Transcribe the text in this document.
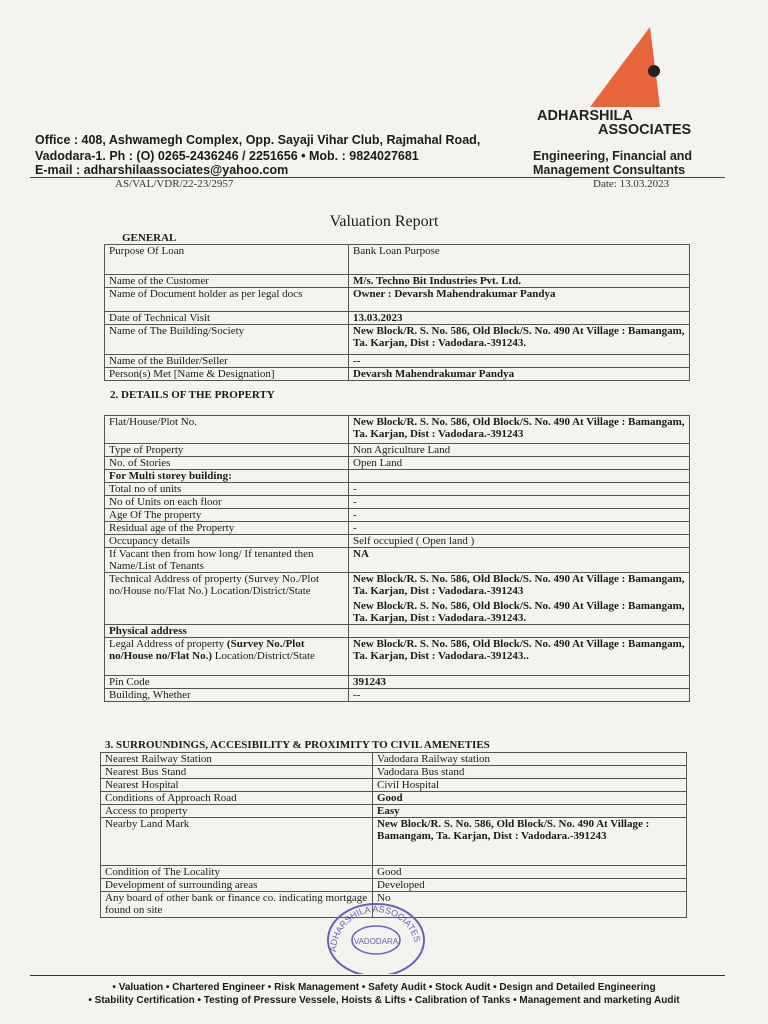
ADHARSHILA
ASSOCIATES
Engineering, Financial and
Management Consultants
Office : 408, Ashwamegh Complex, Opp. Sayaji Vihar Club, Rajmahal Road,
Vadodara-1. Ph : (O) 0265-2436246 / 2251656 • Mob. : 9824027681
E-mail : adharshilaassociates@yahoo.com
AS/VAL/VDR/22-23/2957	Date: 13.03.2023
Valuation Report
GENERAL
Purpose Of Loan	Bank Loan Purpose
Name of the Customer	M/s. Techno Bit Industries Pvt. Ltd.
Name of Document holder as per legal docs	Owner : Devarsh Mahendrakumar Pandya
Date of Technical Visit	13.03.2023
Name of The Building/Society	New Block/R. S. No. 586, Old Block/S. No. 490 At Village : Bamangam, Ta. Karjan, Dist : Vadodara.-391243.
Name of the Builder/Seller	--
Person(s) Met [Name & Designation]	Devarsh Mahendrakumar Pandya
2. DETAILS OF THE PROPERTY
Flat/House/Plot No.	New Block/R. S. No. 586, Old Block/S. No. 490 At Village : Bamangam, Ta. Karjan, Dist : Vadodara.-391243
Type of Property	Non Agriculture Land
No. of Stories	Open Land
For Multi storey building:	
Total no of units	-
No of Units on each floor	-
Age Of The property	-
Residual age of the Property	-
Occupancy details	Self occupied ( Open land )
If Vacant then from how long/ If tenanted then Name/List of Tenants	NA
Technical Address of property (Survey No./Plot no/House no/Flat No.) Location/District/State	New Block/R. S. No. 586, Old Block/S. No. 490 At Village : Bamangam, Ta. Karjan, Dist : Vadodara.-391243
New Block/R. S. No. 586, Old Block/S. No. 490 At Village : Bamangam, Ta. Karjan, Dist : Vadodara.-391243.

Physical address	
Legal Address of property (Survey No./Plot no/House no/Flat No.) Location/District/State	New Block/R. S. No. 586, Old Block/S. No. 490 At Village : Bamangam, Ta. Karjan, Dist : Vadodara.-391243..
Pin Code	391243
Building, Whether	--
3. SURROUNDINGS, ACCESIBILITY & PROXIMITY TO CIVIL AMENETIES
Nearest Railway Station	Vadodara Railway station
Nearest Bus Stand	Vadodara Bus stand
Nearest Hospital	Civil Hospital
Conditions of Approach Road	Good
Access to property	Easy
Nearby Land Mark	New Block/R. S. No. 586, Old Block/S. No. 490 At Village : Bamangam, Ta. Karjan, Dist : Vadodara.-391243
Condition of The Locality	Good
Development of surrounding areas	Developed
Any board of other bank or finance co. indicating mortgage found on site	No
ADHARSHILA ASSOCIATES
VADODARA
• Valuation • Chartered Engineer • Risk Management • Safety Audit • Stock Audit • Design and Detailed Engineering
• Stability Certification • Testing of Pressure Vessele, Hoists & Lifts • Calibration of Tanks • Management and marketing Audit
